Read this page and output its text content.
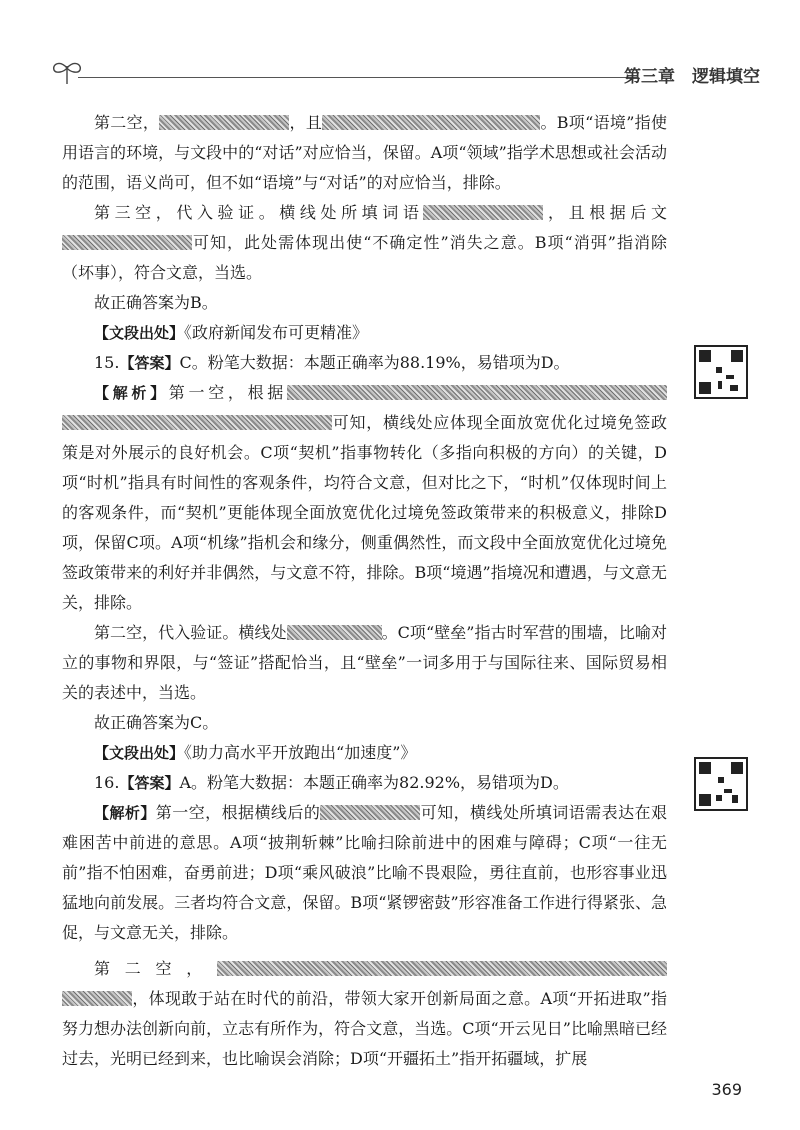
第三章　逻辑填空

第二空，	，且	。B项“语境”指使用语言的环境，与文段中的“对话”对应恰当，保留。A项“领域”指学术思想或社会活动的范围，语义尚可，但不如“语境”与“对话”的对应恰当，排除。

第三空，代入验证。横线处所填词语	，且根据后文可知，此处需体现出使“不确定性”消失之意。B项“消弭”指消除（坏事），符合文意，当选。

故正确答案为B。

【文段出处】《政府新闻发布可更精准》

15.【答案】C。粉笔大数据：本题正确率为88.19%，易错项为D。

【解析】第一空，根据可知，横线处应体现全面放宽优化过境免签政策是对外展示的良好机会。C项“契机”指事物转化（多指向积极的方向）的关键，D项“时机”指具有时间性的客观条件，均符合文意，但对比之下，“时机”仅体现时间上的客观条件，而“契机”更能体现全面放宽优化过境免签政策带来的积极意义，排除D项，保留C项。A项“机缘”指机会和缘分，侧重偶然性，而文段中全面放宽优化过境免签政策带来的利好并非偶然，与文意不符，排除。B项“境遇”指境况和遭遇，与文意无关，排除。

第二空，代入验证。横线处	。C项“壁垒”指古时军营的围墙，比喻对立的事物和界限，与“签证”搭配恰当，且“壁垒”一词多用于与国际往来、国际贸易相关的表述中，当选。

故正确答案为C。

【文段出处】《助力高水平开放跑出“加速度”》

16.【答案】A。粉笔大数据：本题正确率为82.92%，易错项为D。

【解析】第一空，根据横线后的	可知，横线处所填词语需表达在艰难困苦中前进的意思。A项“披荆斩棘”比喻扫除前进中的困难与障碍；C项“一往无前”指不怕困难，奋勇前进；D项“乘风破浪”比喻不畏艰险，勇往直前，也形容事业迅猛地向前发展。三者均符合文意，保留。B项“紧锣密鼓”形容准备工作进行得紧张、急促，与文意无关，排除。

第二空，，体现敢于站在时代的前沿，带领大家开创新局面之意。A项“开拓进取”指努力想办法创新向前，立志有所作为，符合文意，当选。C项“开云见日”比喻黑暗已经过去，光明已经到来，也比喻误会消除；D项“开疆拓土”指开拓疆域，扩展

369
